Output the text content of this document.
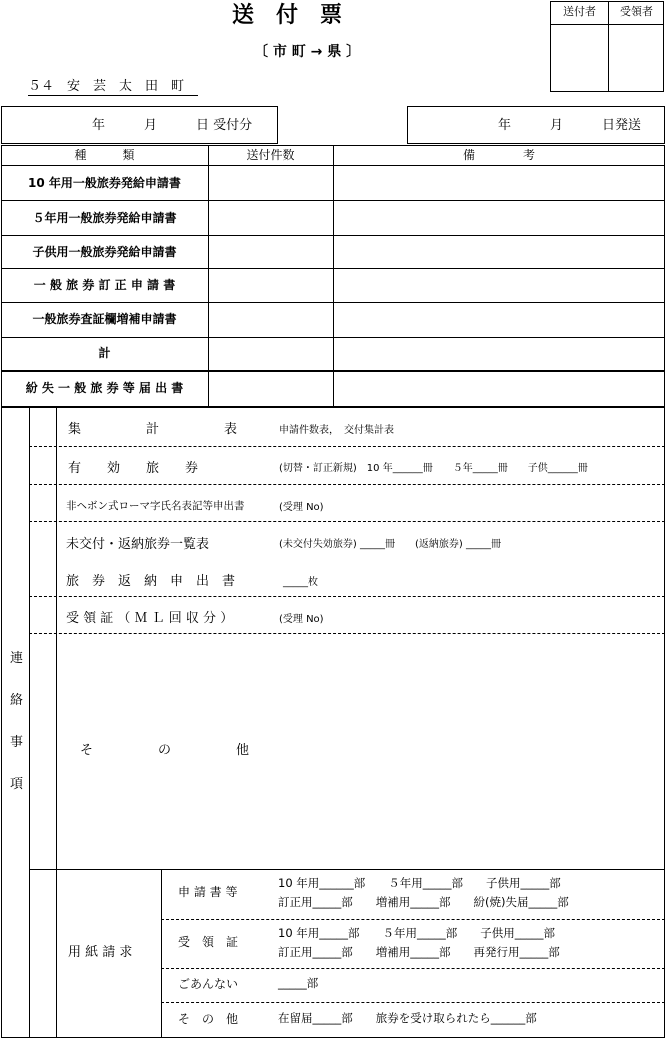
送　付　票
〔 市 町 → 県 〕
５４　安　芸　太　田　町
送付者	受領者
年　　　月　　　日 受付分	年　　　月　　　日発送
種　　　類	送付件数	備　　　　考
10 年用一般旅券発給申請書
５年用一般旅券発給申請書
子供用一般旅券発給申請書
一 般 旅 券 訂 正 申 請 書
一般旅券査証欄増補申請書
計
紛 失 一 般 旅 券 等 届 出 書
連
絡
事
項
集　　　　　計　　　　　表	申請件数表，　交付集計表
有　　効　　旅　　券	(切替・訂正新規)　10 年______冊　　５年_____冊　　子供______冊
非ヘボン式ローマ字氏名表記等申出書	(受理 No)
未交付・返納旅券一覧表	(未交付失効旅券) _____冊　　(返納旅券) _____冊
旅　券　返　納　申　出　書	_____枚
受 領 証 （ Ｍ Ｌ 回 収 分 ）	(受理 No)
そ　　　　　の　　　　　他
用 紙 請 求
申 請 書 等
10 年用______部　　５年用_____部　　子供用_____部
訂正用_____部　　増補用_____部　　紛(焼)失届_____部
受　領　証
10 年用_____部　　５年用_____部　　子供用_____部
訂正用_____部　　増補用_____部　　再発行用_____部
ごあんない	_____部
そ　の　他	在留届_____部　　旅券を受け取られたら______部
